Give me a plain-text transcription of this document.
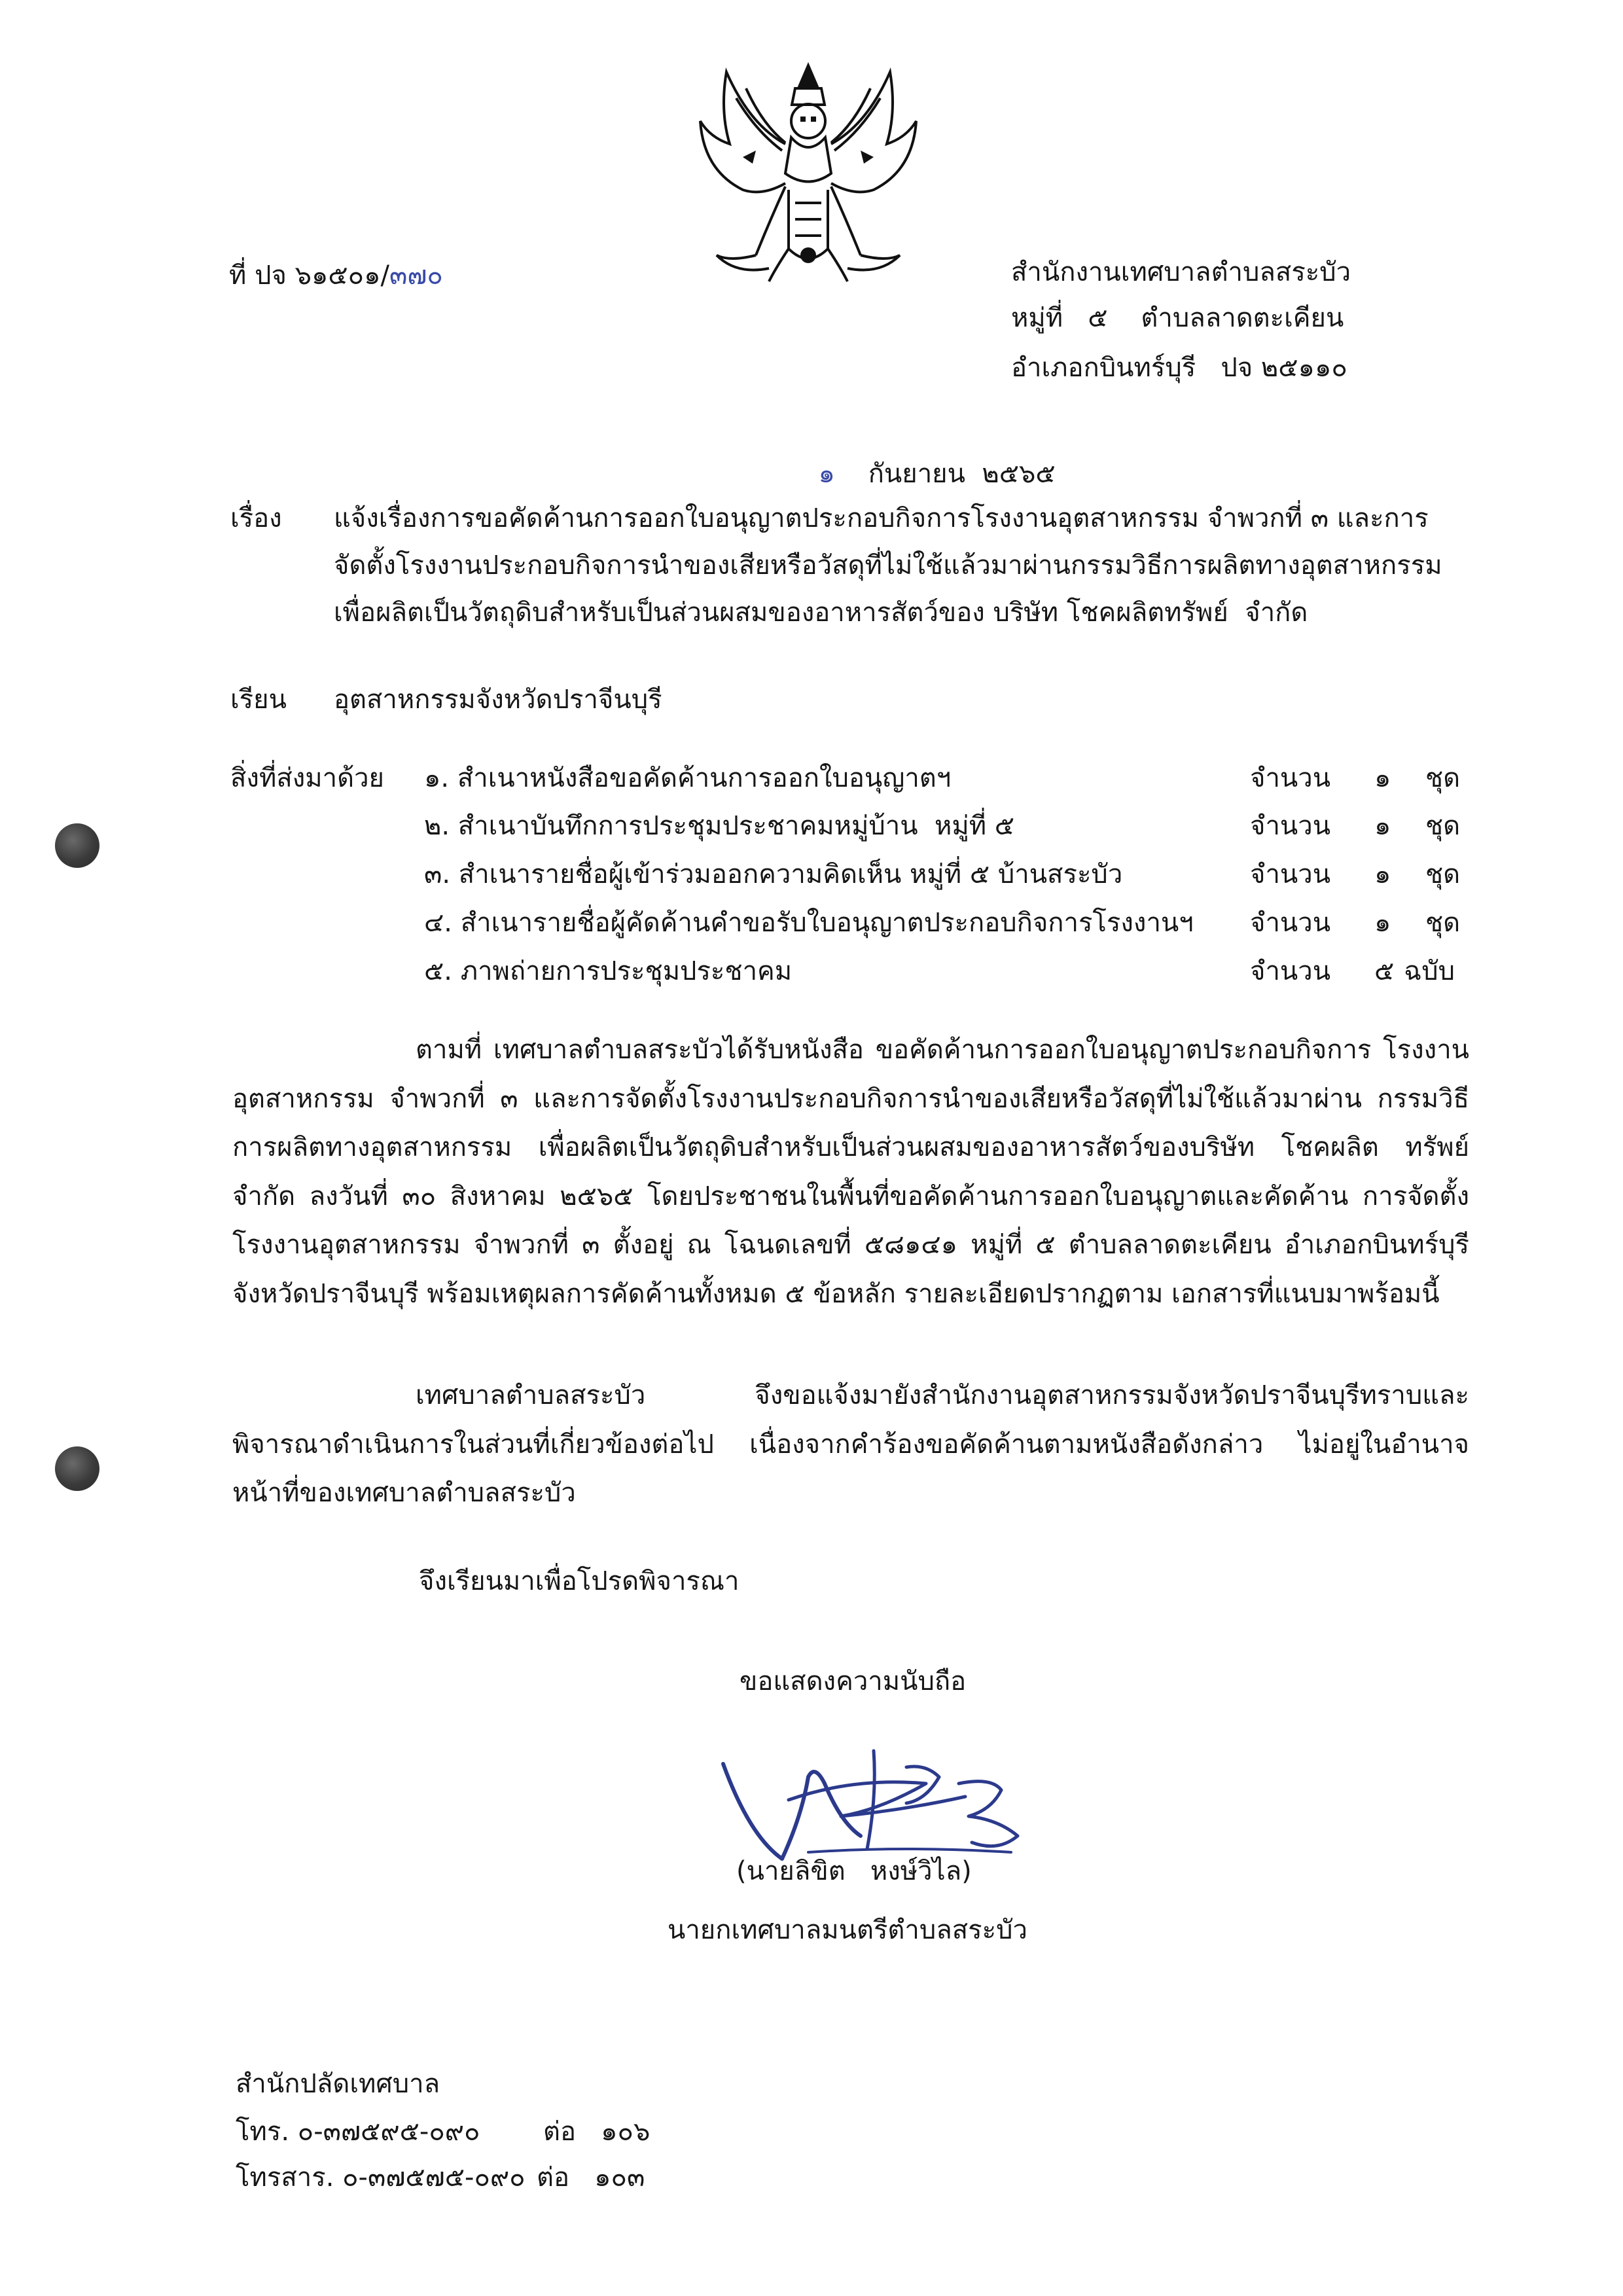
ที่ ปจ ๖๑๕๐๑/๓๗๐	สำนักงานเทศบาลตำบลสระบัว
หมู่ที่   ๕    ตำบลลาดตะเคียน
อำเภอกบินทร์บุรี   ปจ ๒๕๑๑๐

๑ กันยายน  ๒๕๖๕

เรื่อง แจ้งเรื่องการขอคัดค้านการออกใบอนุญาตประกอบกิจการโรงงานอุตสาหกรรม จำพวกที่ ๓ และการ
จัดตั้งโรงงานประกอบกิจการนำของเสียหรือวัสดุที่ไม่ใช้แล้วมาผ่านกรรมวิธีการผลิตทางอุตสาหกรรม
เพื่อผลิตเป็นวัตถุดิบสำหรับเป็นส่วนผสมของอาหารสัตว์ของ บริษัท โชคผลิตทรัพย์  จำกัด
เรียน อุตสาหกรรมจังหวัดปราจีนบุรี
สิ่งที่ส่งมาด้วย ๑. สำเนาหนังสือขอคัดค้านการออกใบอนุญาตฯ	จำนวน ๑ ชุด
๒. สำเนาบันทึกการประชุมประชาคมหมู่บ้าน  หมู่ที่ ๕	จำนวน ๑ ชุด
๓. สำเนารายชื่อผู้เข้าร่วมออกความคิดเห็น หมู่ที่ ๕ บ้านสระบัว	จำนวน ๑ ชุด
๔. สำเนารายชื่อผู้คัดค้านคำขอรับใบอนุญาตประกอบกิจการโรงงานฯ จำนวน ๑ ชุด
๕. ภาพถ่ายการประชุมประชาคม	จำนวน ๕ ฉบับ
ตามที่ เทศบาลตำบลสระบัวได้รับหนังสือ ขอคัดค้านการออกใบอนุญาตประกอบกิจการ โรงงานอุตสาหกรรม จำพวกที่ ๓ และการจัดตั้งโรงงานประกอบกิจการนำของเสียหรือวัสดุที่ไม่ใช้แล้วมาผ่าน กรรมวิธีการผลิตทางอุตสาหกรรม เพื่อผลิตเป็นวัตถุดิบสำหรับเป็นส่วนผสมของอาหารสัตว์ของบริษัท โชคผลิต ทรัพย์ จำกัด ลงวันที่ ๓๐ สิงหาคม ๒๕๖๕ โดยประชาชนในพื้นที่ขอคัดค้านการออกใบอนุญาตและคัดค้าน การจัดตั้งโรงงานอุตสาหกรรม จำพวกที่ ๓ ตั้งอยู่ ณ โฉนดเลขที่ ๕๘๑๔๑ หมู่ที่ ๕ ตำบลลาดตะเคียน อำเภอกบินทร์บุรี จังหวัดปราจีนบุรี พร้อมเหตุผลการคัดค้านทั้งหมด ๕ ข้อหลัก รายละเอียดปรากฏตาม เอกสารที่แนบมาพร้อมนี้
เทศบาลตำบลสระบัว จึงขอแจ้งมายังสำนักงานอุตสาหกรรมจังหวัดปราจีนบุรีทราบและ พิจารณาดำเนินการในส่วนที่เกี่ยวข้องต่อไป เนื่องจากคำร้องขอคัดค้านตามหนังสือดังกล่าว ไม่อยู่ในอำนาจ หน้าที่ของเทศบาลตำบลสระบัว
จึงเรียนมาเพื่อโปรดพิจารณา
ขอแสดงความนับถือ
(นายลิขิต   หงษ์วิไล)
นายกเทศบาลมนตรีตำบลสระบัว
สำนักปลัดเทศบาล
โทร. ๐-๓๗๕๙๕-๐๙๐ ต่อ ๑๐๖
โทรสาร. ๐-๓๗๕๗๕-๐๙๐ ต่อ ๑๐๓
